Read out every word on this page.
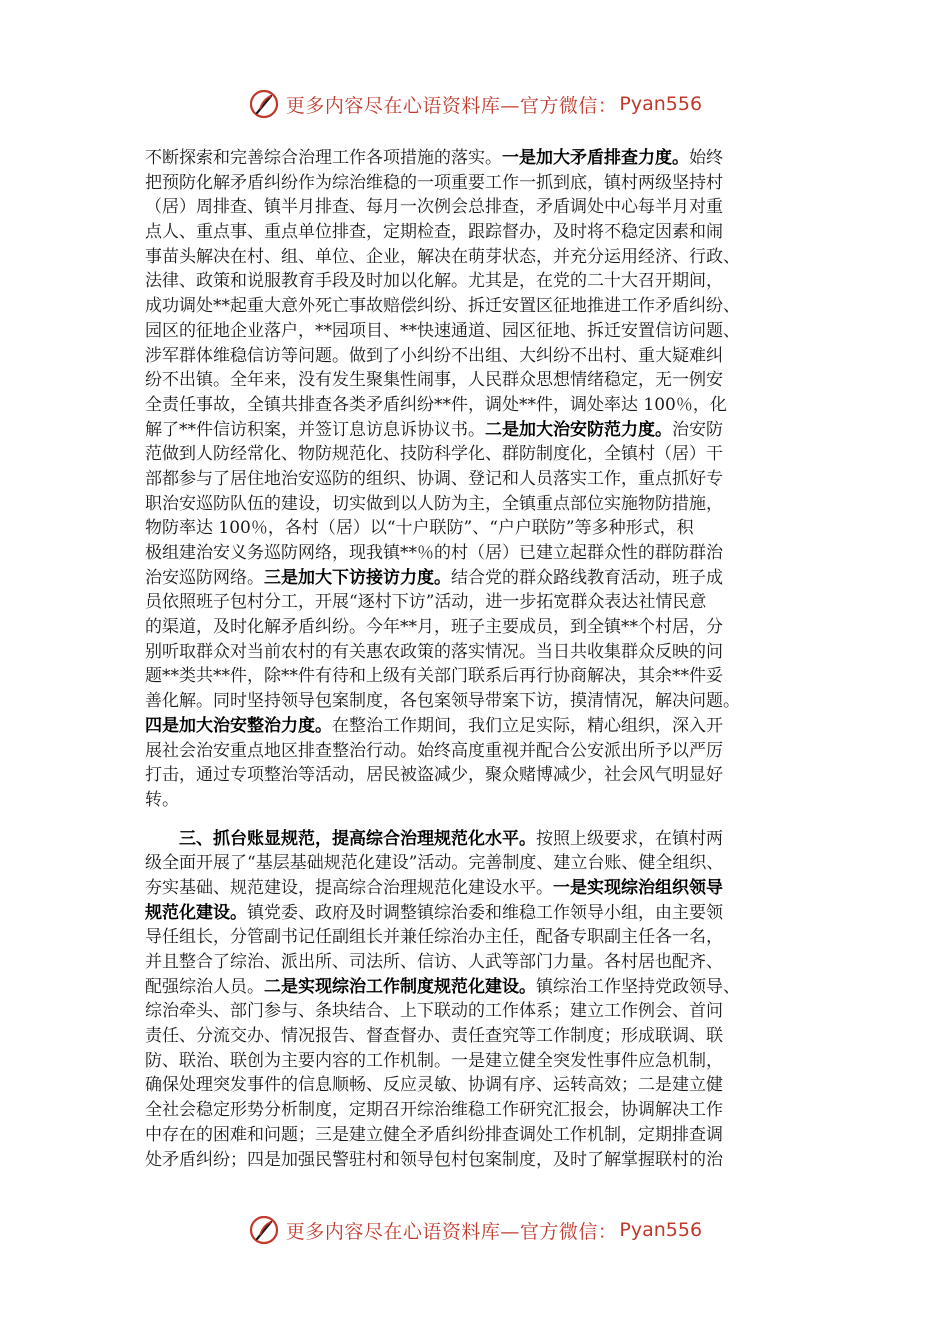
更多内容尽在心语资料库—官方微信： Pyan556
不断探索和完善综合治理工作各项措施的落实。一是加大矛盾排查力度。始终
把预防化解矛盾纠纷作为综治维稳的一项重要工作一抓到底，镇村两级坚持村
（居）周排查、镇半月排查、每月一次例会总排查，矛盾调处中心每半月对重
点人、重点事、重点单位排查，定期检查，跟踪督办，及时将不稳定因素和闹
事苗头解决在村、组、单位、企业，解决在萌芽状态，并充分运用经济、行政、
法律、政策和说服教育手段及时加以化解。尤其是，在党的二十大召开期间，
成功调处**起重大意外死亡事故赔偿纠纷、拆迁安置区征地推进工作矛盾纠纷、
园区的征地企业落户，**园项目、**快速通道、园区征地、拆迁安置信访问题、
涉军群体维稳信访等问题。做到了小纠纷不出组、大纠纷不出村、重大疑难纠
纷不出镇。全年来，没有发生聚集性闹事，人民群众思想情绪稳定，无一例安
全责任事故，全镇共排查各类矛盾纠纷**件，调处**件，调处率达 100％，化
解了**件信访积案，并签订息访息诉协议书。二是加大治安防范力度。治安防
范做到人防经常化、物防规范化、技防科学化、群防制度化，全镇村（居）干
部都参与了居住地治安巡防的组织、协调、登记和人员落实工作，重点抓好专
职治安巡防队伍的建设，切实做到以人防为主，全镇重点部位实施物防措施，
物防率达 100％，各村（居）以“十户联防”、“户户联防”等多种形式，积
极组建治安义务巡防网络，现我镇**％的村（居）已建立起群众性的群防群治
治安巡防网络。三是加大下访接访力度。结合党的群众路线教育活动，班子成
员依照班子包村分工，开展“逐村下访”活动，进一步拓宽群众表达社情民意
的渠道，及时化解矛盾纠纷。今年**月，班子主要成员，到全镇**个村居，分
别听取群众对当前农村的有关惠农政策的落实情况。当日共收集群众反映的问
题**类共**件，除**件有待和上级有关部门联系后再行协商解决，其余**件妥
善化解。同时坚持领导包案制度，各包案领导带案下访，摸清情况，解决问题。
四是加大治安整治力度。在整治工作期间，我们立足实际，精心组织，深入开
展社会治安重点地区排查整治行动。始终高度重视并配合公安派出所予以严厉
打击，通过专项整治等活动，居民被盗减少，聚众赌博减少，社会风气明显好
转。
三、抓台账显规范，提高综合治理规范化水平。按照上级要求，在镇村两
级全面开展了“基层基础规范化建设”活动。完善制度、建立台账、健全组织、
夯实基础、规范建设，提高综合治理规范化建设水平。一是实现综治组织领导
规范化建设。镇党委、政府及时调整镇综治委和维稳工作领导小组，由主要领
导任组长，分管副书记任副组长并兼任综治办主任，配备专职副主任各一名，
并且整合了综治、派出所、司法所、信访、人武等部门力量。各村居也配齐、
配强综治人员。二是实现综治工作制度规范化建设。镇综治工作坚持党政领导、
综治牵头、部门参与、条块结合、上下联动的工作体系；建立工作例会、首问
责任、分流交办、情况报告、督查督办、责任查究等工作制度；形成联调、联
防、联治、联创为主要内容的工作机制。一是建立健全突发性事件应急机制，
确保处理突发事件的信息顺畅、反应灵敏、协调有序、运转高效；二是建立健
全社会稳定形势分析制度，定期召开综治维稳工作研究汇报会，协调解决工作
中存在的困难和问题；三是建立健全矛盾纠纷排查调处工作机制，定期排查调
处矛盾纠纷；四是加强民警驻村和领导包村包案制度，及时了解掌握联村的治
更多内容尽在心语资料库—官方微信： Pyan556
